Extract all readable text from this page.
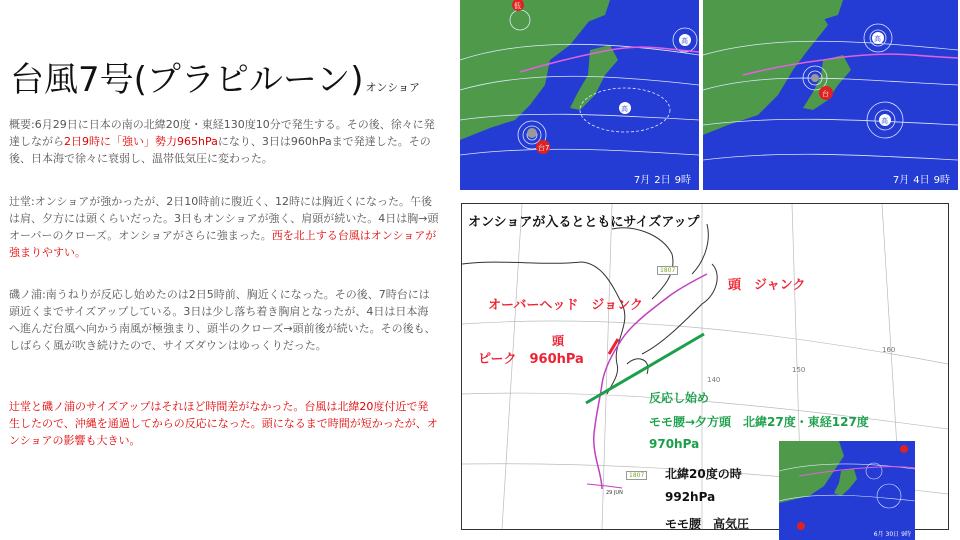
台風7号(プラピルーン) オンショア

概要:6月29日に日本の南の北緯20度・東経130度10分で発生する。その後、徐々に発達しながら2日9時に「強い」勢力965hPaになり、3日は960hPaまで発達した。その後、日本海で徐々に衰弱し、温帯低気圧に変わった。

辻堂:オンショアが強かったが、2日10時前に腹近く、12時には胸近くになった。午後は肩、夕方には頭くらいだった。3日もオンショアが強く、肩頭が続いた。4日は胸→頭オーバーのクローズ。オンショアがさらに強まった。西を北上する台風はオンショアが強まりやすい。

磯ノ浦:南うねりが反応し始めたのは2日5時前、胸近くになった。その後、7時台には頭近くまでサイズアップしている。3日は少し落ち着き胸肩となったが、4日は日本海へ進んだ台風へ向かう南風が極強まり、頭半のクローズ→頭前後が続いた。その後も、しばらく風が吹き続けたので、サイズダウンはゆっくりだった。

辻堂と磯ノ浦のサイズアップはそれほど時間差がなかった。台風は北緯20度付近で発生したので、沖縄を通過してからの反応になった。頭になるまで時間が短かったが、オンショアの影響も大きい。

低
高
高
台7
7月 2日 9時
高
高
台
7月 4日 9時
160
150
140
29 JUN
オンショアが入るとともにサイズアップ
オーバーヘッド　 ジョンク
頭　ジャンク
頭
ピーク　960hPa
反応し始め
モモ腰→夕方頭　北緯27度・東経127度
970hPa
北緯20度の時
992hPa
モモ腰　高気圧
1807
1807
6月 30日 9時
